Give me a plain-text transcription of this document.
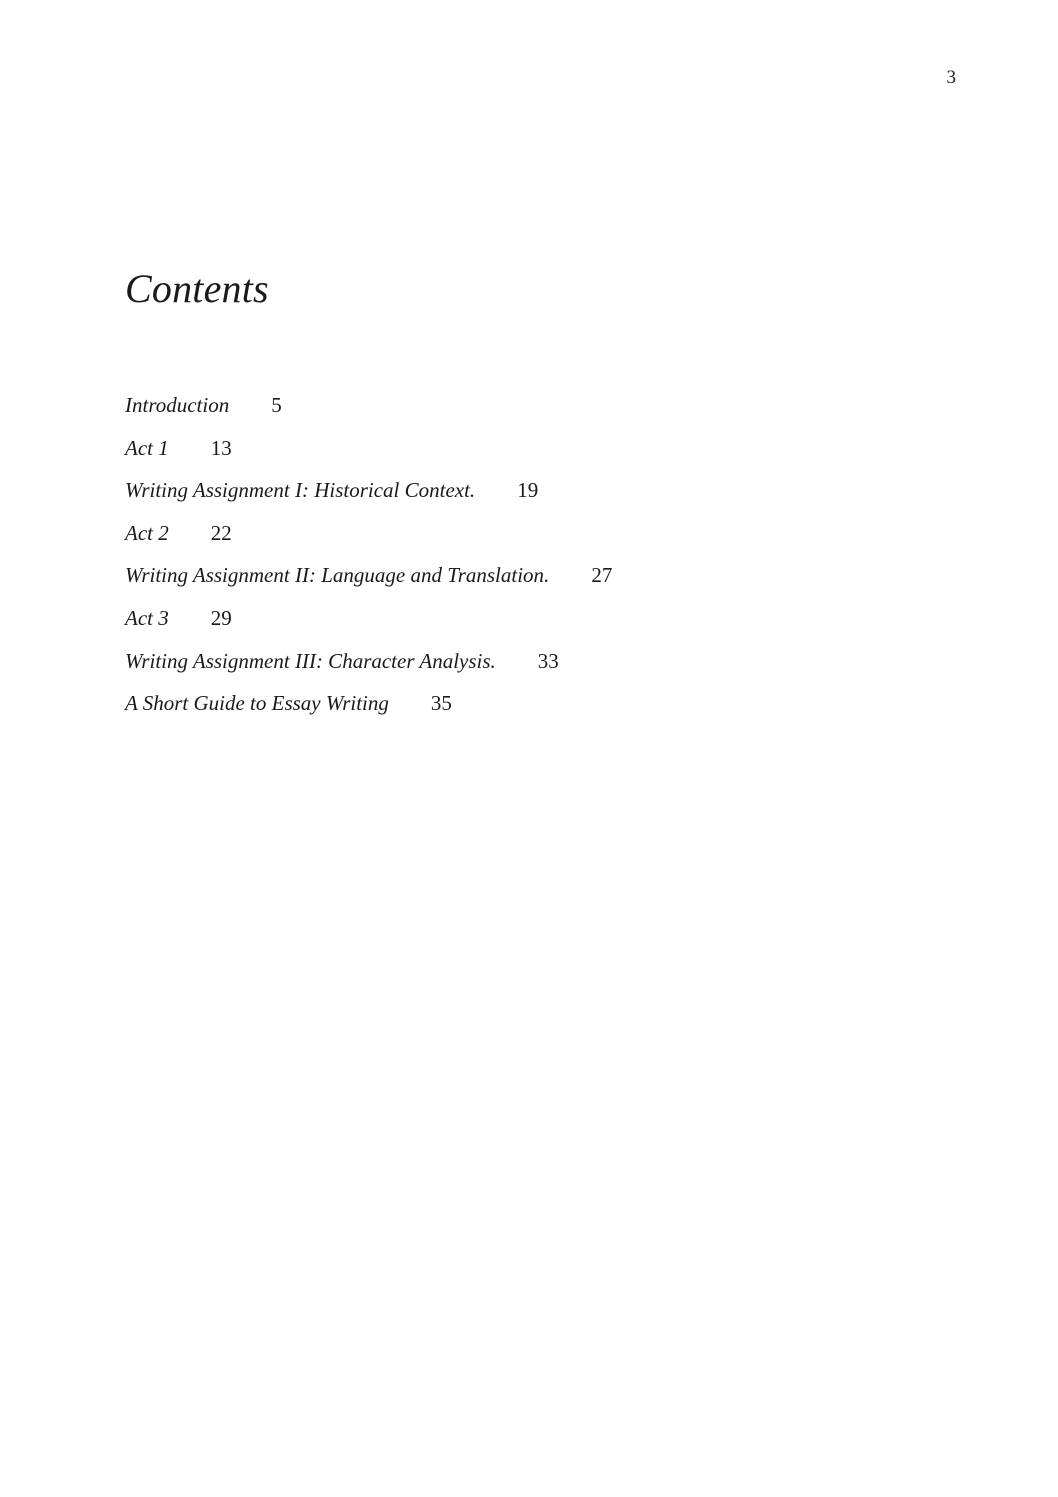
3
Contents
Introduction 5
Act 1 13
Writing Assignment I: Historical Context. 19
Act 2 22
Writing Assignment II: Language and Translation. 27
Act 3 29
Writing Assignment III: Character Analysis. 33
A Short Guide to Essay Writing 35
